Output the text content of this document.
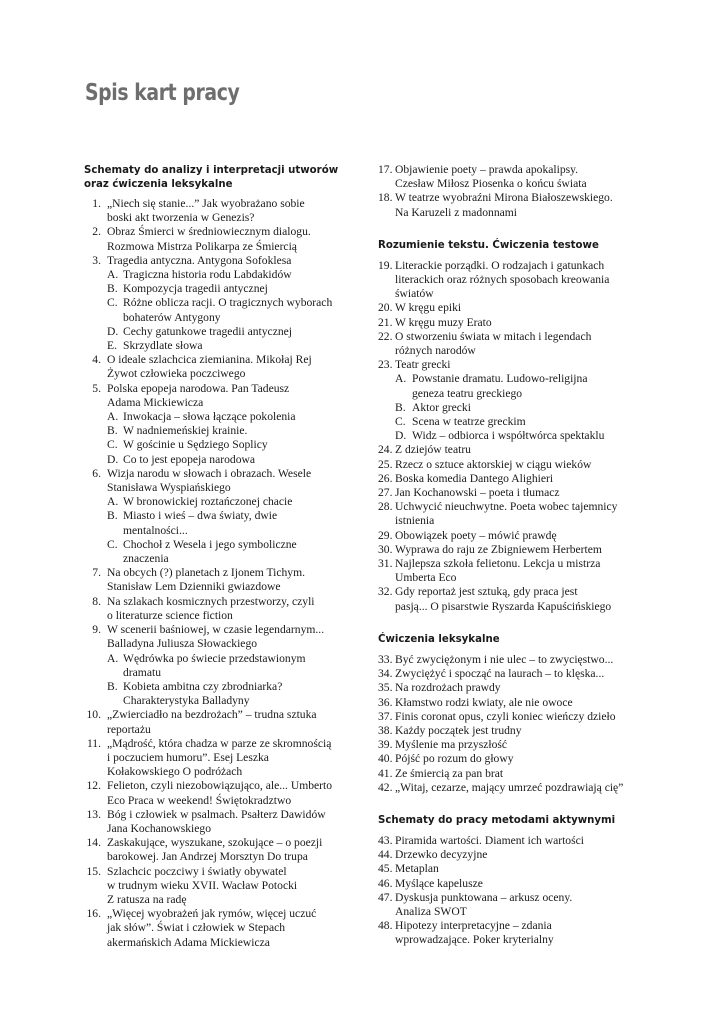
Spis kart pracy

Schematy do analizy i interpretacji utworów
oraz ćwiczenia leksykalne

1. „Niech się stanie...” Jak wyobrażano sobie
boski akt tworzenia w Genezis?
2. Obraz Śmierci w średniowiecznym dialogu.
Rozmowa Mistrza Polikarpa ze Śmiercią
3. Tragedia antyczna. Antygona Sofoklesa
A. Tragiczna historia rodu Labdakidów
B. Kompozycja tragedii antycznej
C. Różne oblicza racji. O tragicznych wyborach
bohaterów Antygony
D. Cechy gatunkowe tragedii antycznej
E. Skrzydlate słowa
4. O ideale szlachcica ziemianina. Mikołaj Rej
Żywot człowieka poczciwego
5. Polska epopeja narodowa. Pan Tadeusz
Adama Mickiewicza
A. Inwokacja – słowa łączące pokolenia
B. W nadniemeńskiej krainie.
C. W gościnie u Sędziego Soplicy
D. Co to jest epopeja narodowa
6. Wizja narodu w słowach i obrazach. Wesele
Stanisława Wyspiańskiego
A. W bronowickiej roztańczonej chacie
B. Miasto i wieś – dwa światy, dwie
mentalności...
C. Chochoł z Wesela i jego symboliczne
znaczenia
7. Na obcych (?) planetach z Ijonem Tichym.
Stanisław Lem Dzienniki gwiazdowe
8. Na szlakach kosmicznych przestworzy, czyli
o literaturze science fiction
9. W scenerii baśniowej, w czasie legendarnym...
Balladyna Juliusza Słowackiego
A. Wędrówka po świecie przedstawionym
dramatu
B. Kobieta ambitna czy zbrodniarka?
Charakterystyka Balladyny
10. „Zwierciadło na bezdrożach” – trudna sztuka
reportażu
11. „Mądrość, która chadza w parze ze skromnością
i poczuciem humoru”. Esej Leszka
Kołakowskiego O podróżach
12. Felieton, czyli niezobowiązująco, ale... Umberto
Eco Praca w weekend! Świętokradztwo
13. Bóg i człowiek w psalmach. Psałterz Dawidów
Jana Kochanowskiego
14. Zaskakujące, wyszukane, szokujące – o poezji
barokowej. Jan Andrzej Morsztyn Do trupa
15. Szlachcic poczciwy i światły obywatel
w trudnym wieku XVII. Wacław Potocki
Z ratusza na radę
16. „Więcej wyobrażeń jak rymów, więcej uczuć
jak słów”. Świat i człowiek w Stepach
akermańskich Adama Mickiewicza
17. Objawienie poety – prawda apokalipsy.
Czesław Miłosz Piosenka o końcu świata
18. W teatrze wyobraźni Mirona Białoszewskiego.
Na Karuzeli z madonnami

Rozumienie tekstu. Ćwiczenia testowe

19. Literackie porządki. O rodzajach i gatunkach
literackich oraz różnych sposobach kreowania
światów
20. W kręgu epiki
21. W kręgu muzy Erato
22. O stworzeniu świata w mitach i legendach
różnych narodów
23. Teatr grecki
A. Powstanie dramatu. Ludowo-religijna
geneza teatru greckiego
B. Aktor grecki
C. Scena w teatrze greckim
D. Widz – odbiorca i współtwórca spektaklu
24. Z dziejów teatru
25. Rzecz o sztuce aktorskiej w ciągu wieków
26. Boska komedia Dantego Alighieri
27. Jan Kochanowski – poeta i tłumacz
28. Uchwycić nieuchwytne. Poeta wobec tajemnicy
istnienia
29. Obowiązek poety – mówić prawdę
30. Wyprawa do raju ze Zbigniewem Herbertem
31. Najlepsza szkoła felietonu. Lekcja u mistrza
Umberta Eco
32. Gdy reportaż jest sztuką, gdy praca jest
pasją... O pisarstwie Ryszarda Kapuścińskiego

Ćwiczenia leksykalne

33. Być zwyciężonym i nie ulec – to zwycięstwo...
34. Zwyciężyć i spocząć na laurach – to klęska...
35. Na rozdrożach prawdy
36. Kłamstwo rodzi kwiaty, ale nie owoce
37. Finis coronat opus, czyli koniec wieńczy dzieło
38. Każdy początek jest trudny
39. Myślenie ma przyszłość
40. Pójść po rozum do głowy
41. Ze śmiercią za pan brat
42. „Witaj, cezarze, mający umrzeć pozdrawiają cię”

Schematy do pracy metodami aktywnymi

43. Piramida wartości. Diament ich wartości
44. Drzewko decyzyjne
45. Metaplan
46. Myślące kapelusze
47. Dyskusja punktowana – arkusz oceny.
Analiza SWOT
48. Hipotezy interpretacyjne – zdania
wprowadzające. Poker kryterialny
